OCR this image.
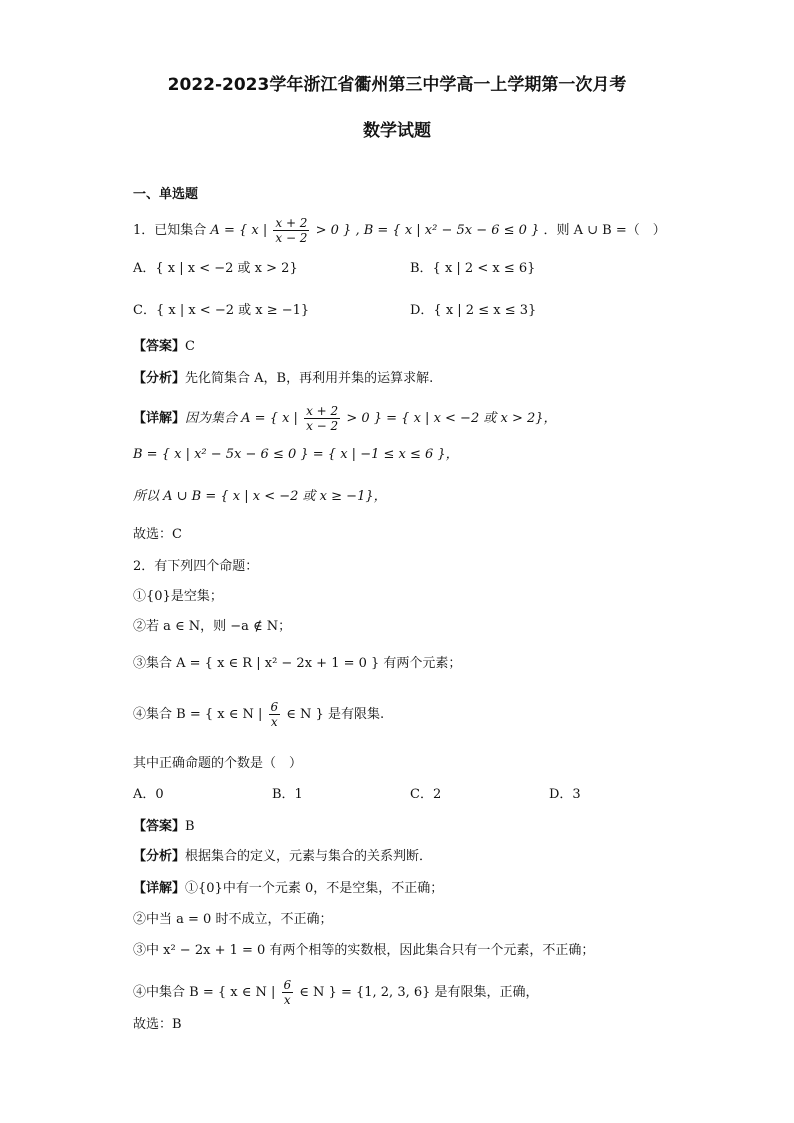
2022-2023学年浙江省衢州第三中学高一上学期第一次月考
数学试题
一、单选题
1．已知集合 A = { x | $\frac{x + 2}{x - 2} > 0$ } , B = { x | x² − 5x − 6 ≤ 0 } ．则 A ∪ B =（　）
A．{ x | x < −2 或 x > 2}	B．{ x | 2 < x ≤ 6}
C．{ x | x < −2 或 x ≥ −1}	D．{ x | 2 ≤ x ≤ 3}
【答案】C
【分析】先化简集合 A，B，再利用并集的运算求解.
【详解】因为集合 A = { x | $\frac{x + 2}{x - 2} > 0$ } = { x | x < −2 或 x > 2}，
B = { x | x² − 5x − 6 ≤ 0 } = { x | −1 ≤ x ≤ 6 }，
所以 A ∪ B = { x | x < −2 或 x ≥ −1}，
故选：C
2．有下列四个命题：
①{0}是空集；
②若 a ∈ N，则 −a ∉ N；
③集合 A = { x ∈ R | x² − 2x + 1 = 0 } 有两个元素；
④集合 B = { x ∈ N | $\frac{6}{x}$ ∈ N } 是有限集.
其中正确命题的个数是（　）
A．0	B．1	C．2	D．3
【答案】B
【分析】根据集合的定义，元素与集合的关系判断．
【详解】①{0}中有一个元素 0，不是空集，不正确；
②中当 a = 0 时不成立，不正确；
③中 x² − 2x + 1 = 0 有两个相等的实数根，因此集合只有一个元素，不正确；
④中集合 B = { x ∈ N | $\frac{6}{x}$ ∈ N } = {1, 2, 3, 6} 是有限集，正确，
故选：B
